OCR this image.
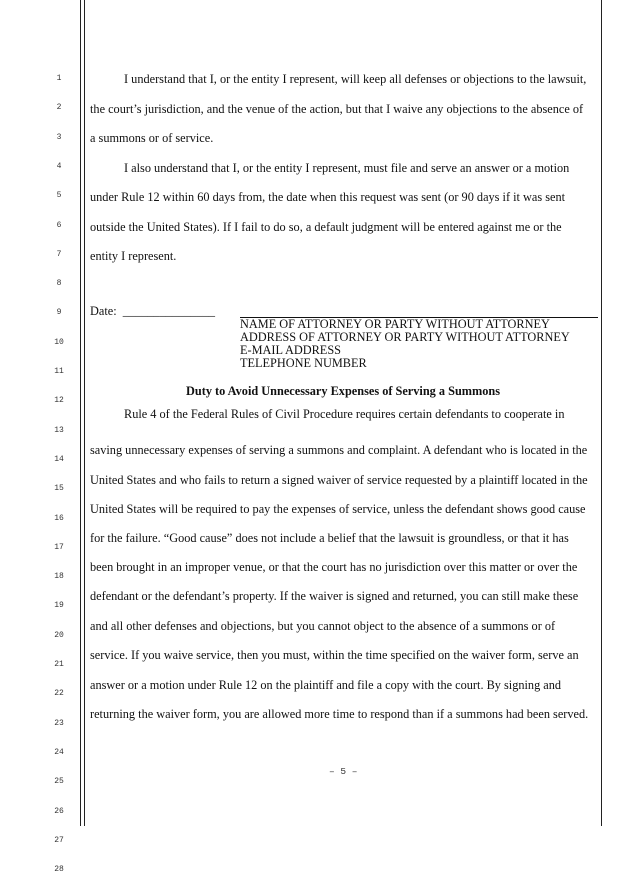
1
2
3
4
5
6
7
8
9
10
11
12
13
14
15
16
17
18
19
20
21
22
23
24
25
26
27
28
I understand that I, or the entity I represent, will keep all defenses or objections to the lawsuit,
the court’s jurisdiction, and the venue of the action, but that I waive any objections to the absence of
a summons or of service.
I also understand that I, or the entity I represent, must file and serve an answer or a motion
under Rule 12 within 60 days from, the date when this request was sent (or 90 days if it was sent
outside the United States). If I fail to do so, a default judgment will be entered against me or the
entity I represent.
Date: _______________
NAME OF ATTORNEY OR PARTY WITHOUT ATTORNEY
ADDRESS OF ATTORNEY OR PARTY WITHOUT ATTORNEY
E-MAIL ADDRESS
TELEPHONE NUMBER
Duty to Avoid Unnecessary Expenses of Serving a Summons
Rule 4 of the Federal Rules of Civil Procedure requires certain defendants to cooperate in
saving unnecessary expenses of serving a summons and complaint. A defendant who is located in the
United States and who fails to return a signed waiver of service requested by a plaintiff located in the
United States will be required to pay the expenses of service, unless the defendant shows good cause
for the failure. “Good cause” does not include a belief that the lawsuit is groundless, or that it has
been brought in an improper venue, or that the court has no jurisdiction over this matter or over the
defendant or the defendant’s property. If the waiver is signed and returned, you can still make these
and all other defenses and objections, but you cannot object to the absence of a summons or of
service. If you waive service, then you must, within the time specified on the waiver form, serve an
answer or a motion under Rule 12 on the plaintiff and file a copy with the court. By signing and
returning the waiver form, you are allowed more time to respond than if a summons had been served.
– 5 –
